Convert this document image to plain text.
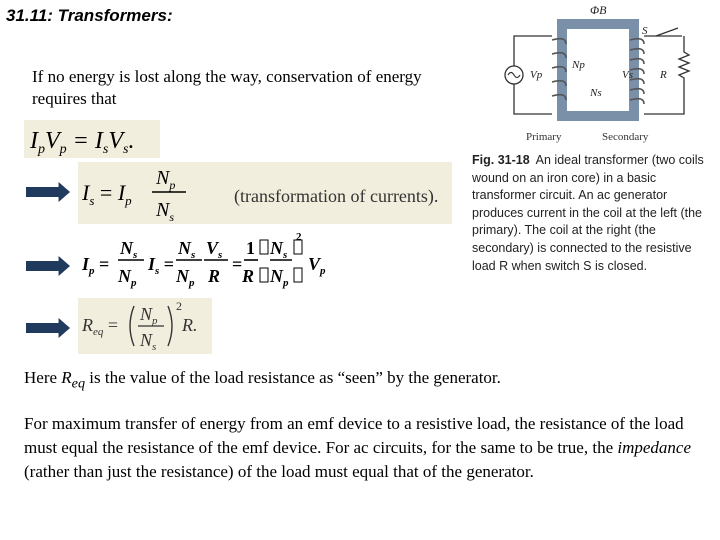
31.11: Transformers:
If no energy is lost along the way, conservation of energy requires that
$I_pV_p = I_sV_s$.
$I_s = I_p$
$N_p$
$N_s$
(transformation of currents).
$I_p$ =
$N_s$
$N_p$
$I_s$ =
$N_s$
$N_p$
$V_s$
R
=
1
R
$N_s$
$N_p$
2
$V_p$
$R_{eq}$ =
$N_p$
$N_s$
2
R.
ΦB
Vp
Np
Ns
Vs
S
R
Primary	Secondary
Fig. 31-18 An ideal transformer (two coils wound on an iron core) in a basic transformer circuit. An ac generator produces current in the coil at the left (the primary). The coil at the right (the secondary) is connected to the resistive load R when switch S is closed.
Here $R_{eq}$ is the value of the load resistance as “seen” by the generator.
For maximum transfer of energy from an emf device to a resistive load, the resistance of the load must equal the resistance of the emf device. For ac circuits, for the same to be true, the impedance (rather than just the resistance) of the load must equal that of the generator.
